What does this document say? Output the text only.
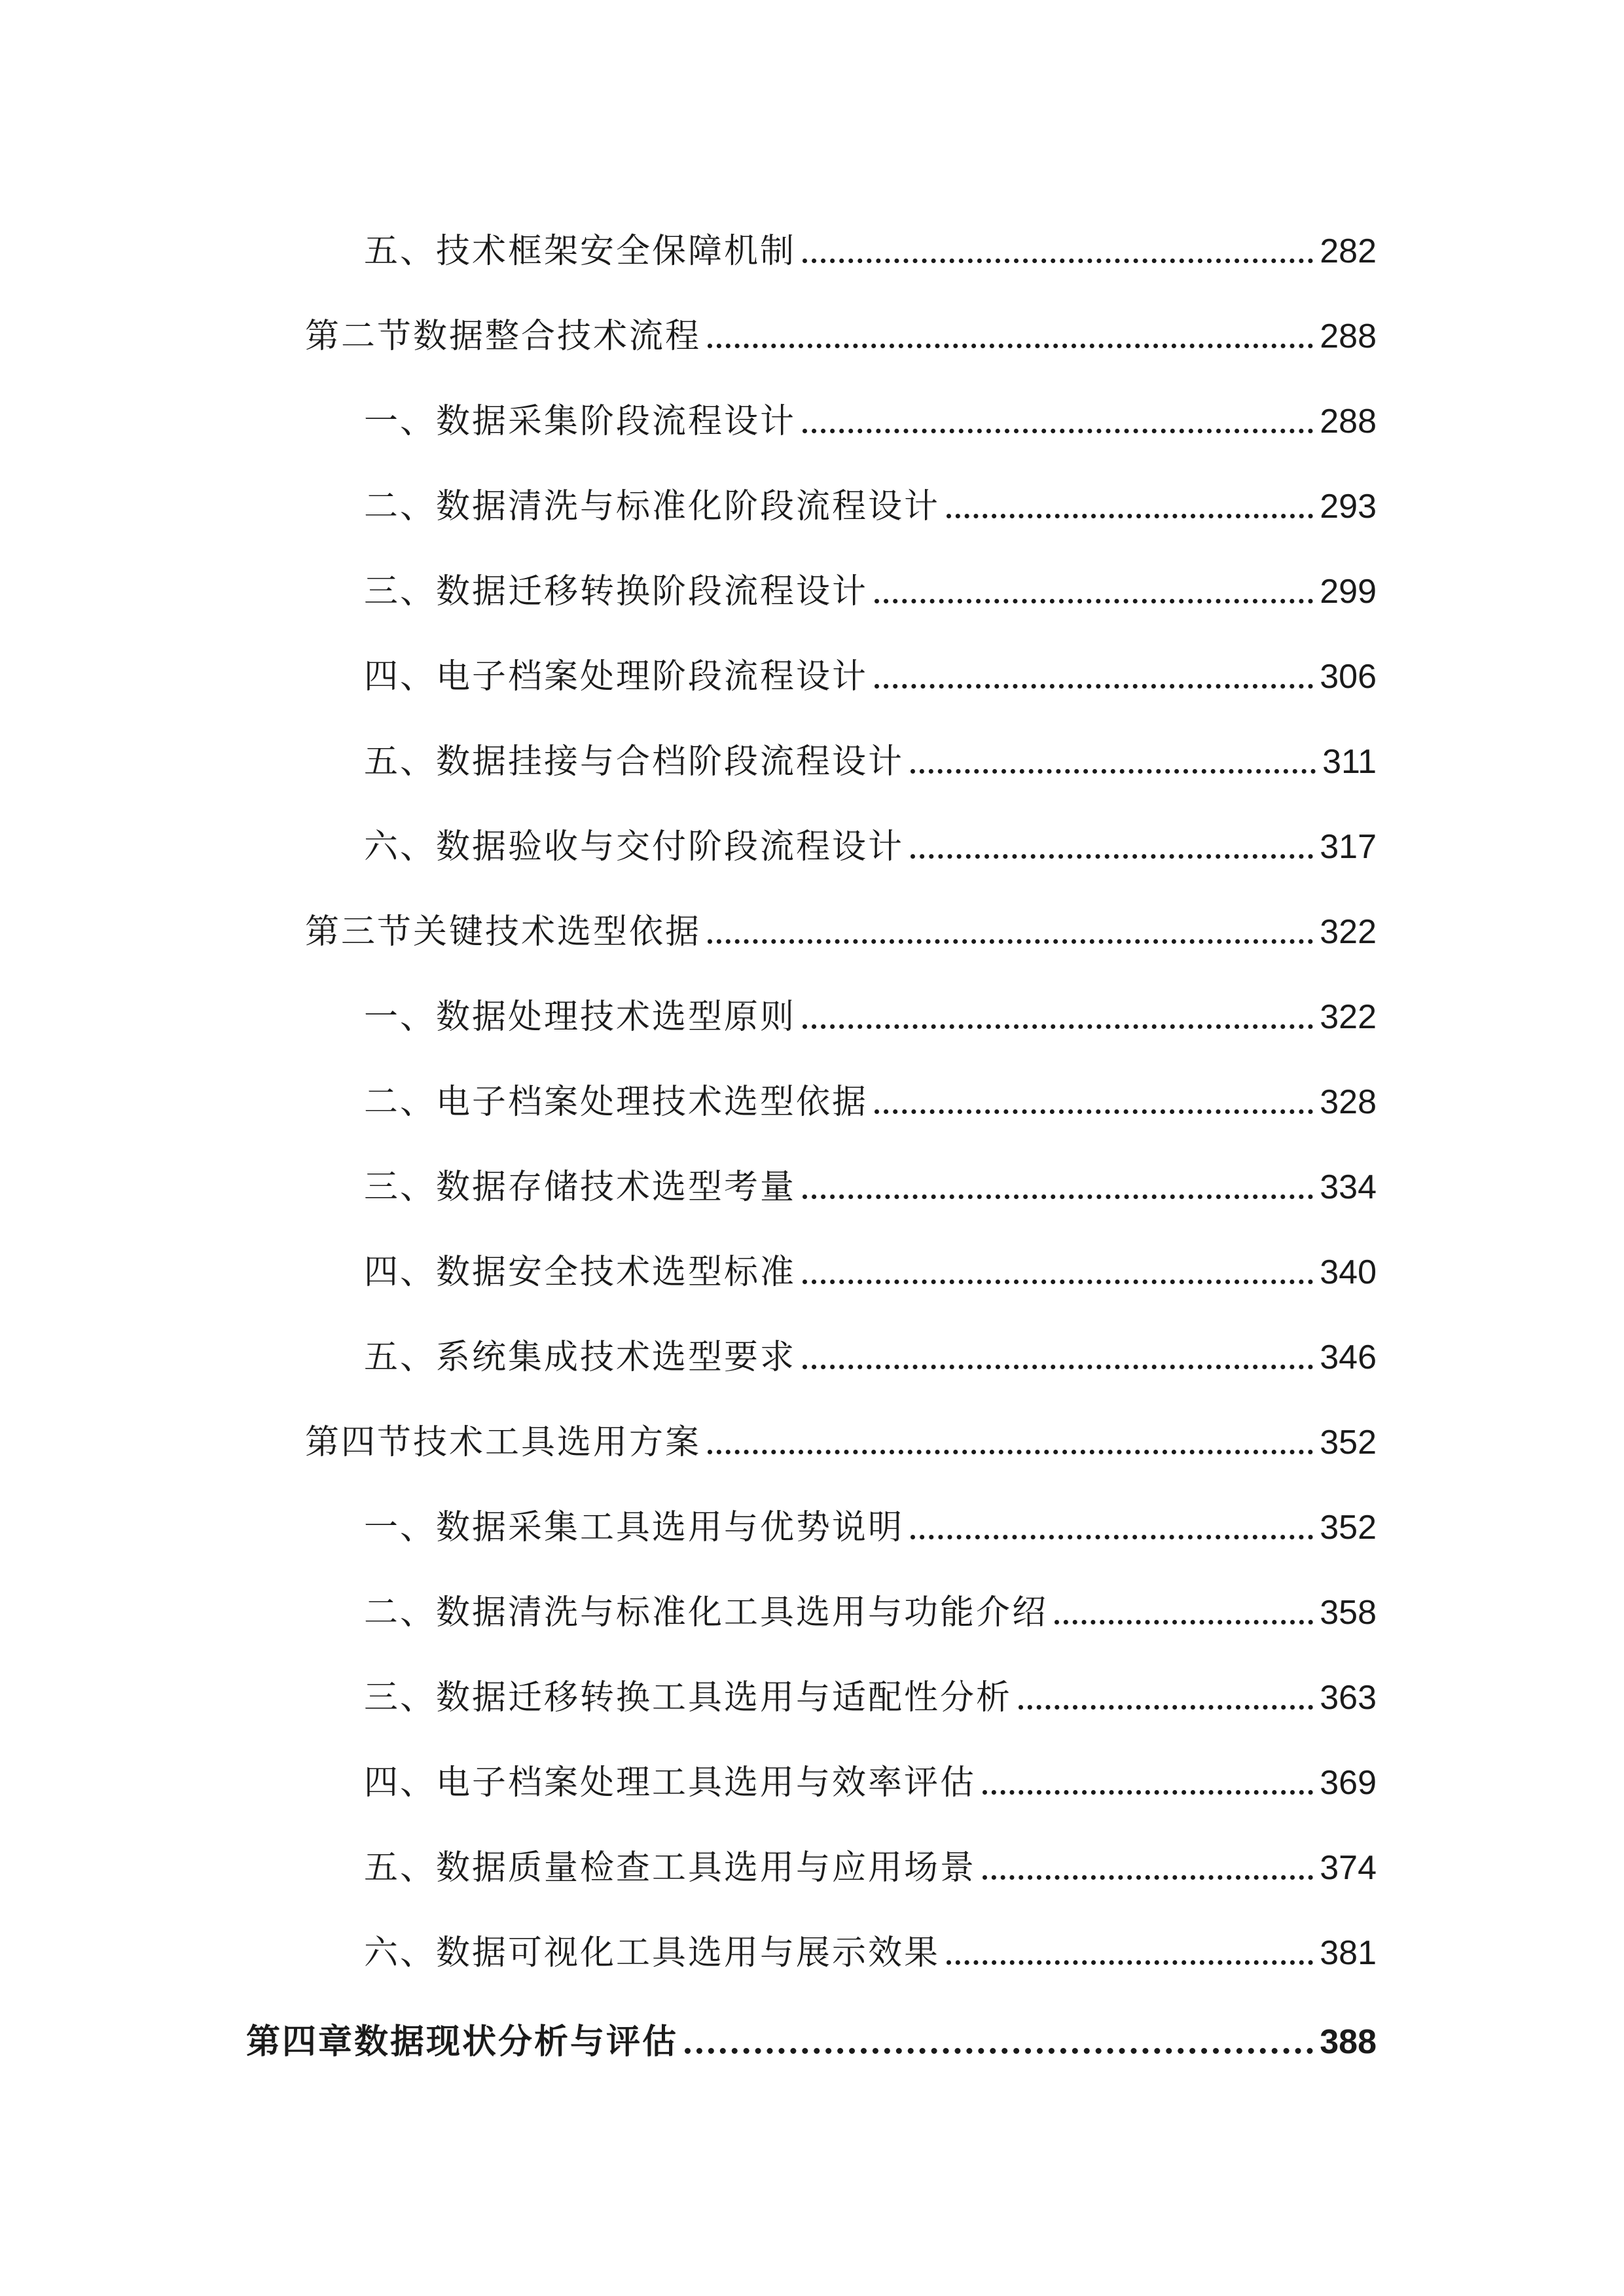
五、技术框架安全保障机制	282
第二节数据整合技术流程	288
一、数据采集阶段流程设计	288
二、数据清洗与标准化阶段流程设计	293
三、数据迁移转换阶段流程设计	299
四、电子档案处理阶段流程设计	306
五、数据挂接与合档阶段流程设计	311
六、数据验收与交付阶段流程设计	317
第三节关键技术选型依据	322
一、数据处理技术选型原则	322
二、电子档案处理技术选型依据	328
三、数据存储技术选型考量	334
四、数据安全技术选型标准	340
五、系统集成技术选型要求	346
第四节技术工具选用方案	352
一、数据采集工具选用与优势说明	352
二、数据清洗与标准化工具选用与功能介绍	358
三、数据迁移转换工具选用与适配性分析	363
四、电子档案处理工具选用与效率评估	369
五、数据质量检查工具选用与应用场景	374
六、数据可视化工具选用与展示效果	381
第四章数据现状分析与评估	388
